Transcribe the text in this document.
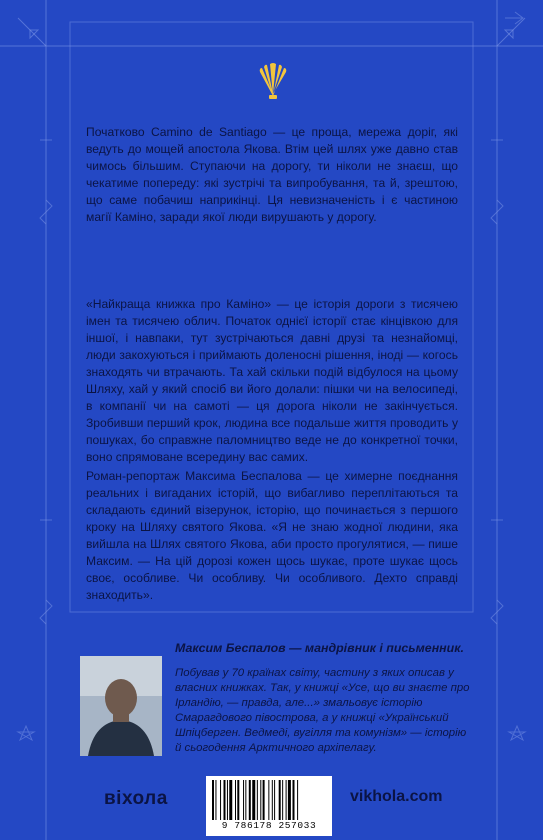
Початково Camino de Santiago — це проща, мережа доріг, які ведуть до мощей апостола Якова. Втім цей шлях уже давно став чимось більшим. Ступаючи на дорогу, ти ніколи не знаєш, що чекатиме попереду: які зустрічі та випробування, та й, зрештою, що саме побачиш наприкінці. Ця невизначеність і є частиною магії Каміно, заради якої люди вирушають у дорогу.

«Найкраща книжка про Каміно» — це історія дороги з тисячею імен та тисячею облич. Початок однієї історії стає кінцівкою для іншої, і навпаки, тут зустрічаються давні друзі та незнайомці, люди закохуються і приймають доленосні рішення, іноді — когось знаходять чи втрачають. Та хай скільки подій відбулося на цьому Шляху, хай у який спосіб ви його долали: пішки чи на велосипеді, в компанії чи на самоті — ця дорога ніколи не закінчується. Зробивши перший крок, людина все подальше життя проводить у пошуках, бо справжне паломництво веде не до конкретної точки, воно спрямоване всередину вас самих.

Роман-репортаж Максима Беспалова — це химерне поєднання реальних і вигаданих історій, що вибагливо переплітаються та складають єдиний візерунок, історію, що починається з першого кроку на Шляху святого Якова. «Я не знаю жодної людини, яка вийшла на Шлях святого Якова, аби просто прогулятися, — пише Максим. — На цій дорозі кожен щось шукає, проте шукає щось своє, особливе. Чи особливу. Чи особливого. Дехто справді знаходить».

Максим Беспалов — мандрівник і письменник.

Побував у 70 країнах світу, частину з яких описав у власних книжках. Так, у книжці «Усе, що ви знаєте про Ірландію, — правда, але...» змальовує історію Смарагдового півострова, а у книжці «Український Шпіцберген. Ведмеді, вугілля та комунізм» — історію й сьогодення Арктичного архіпелагу.

віхола
9 786178 257033
vikhola.com
